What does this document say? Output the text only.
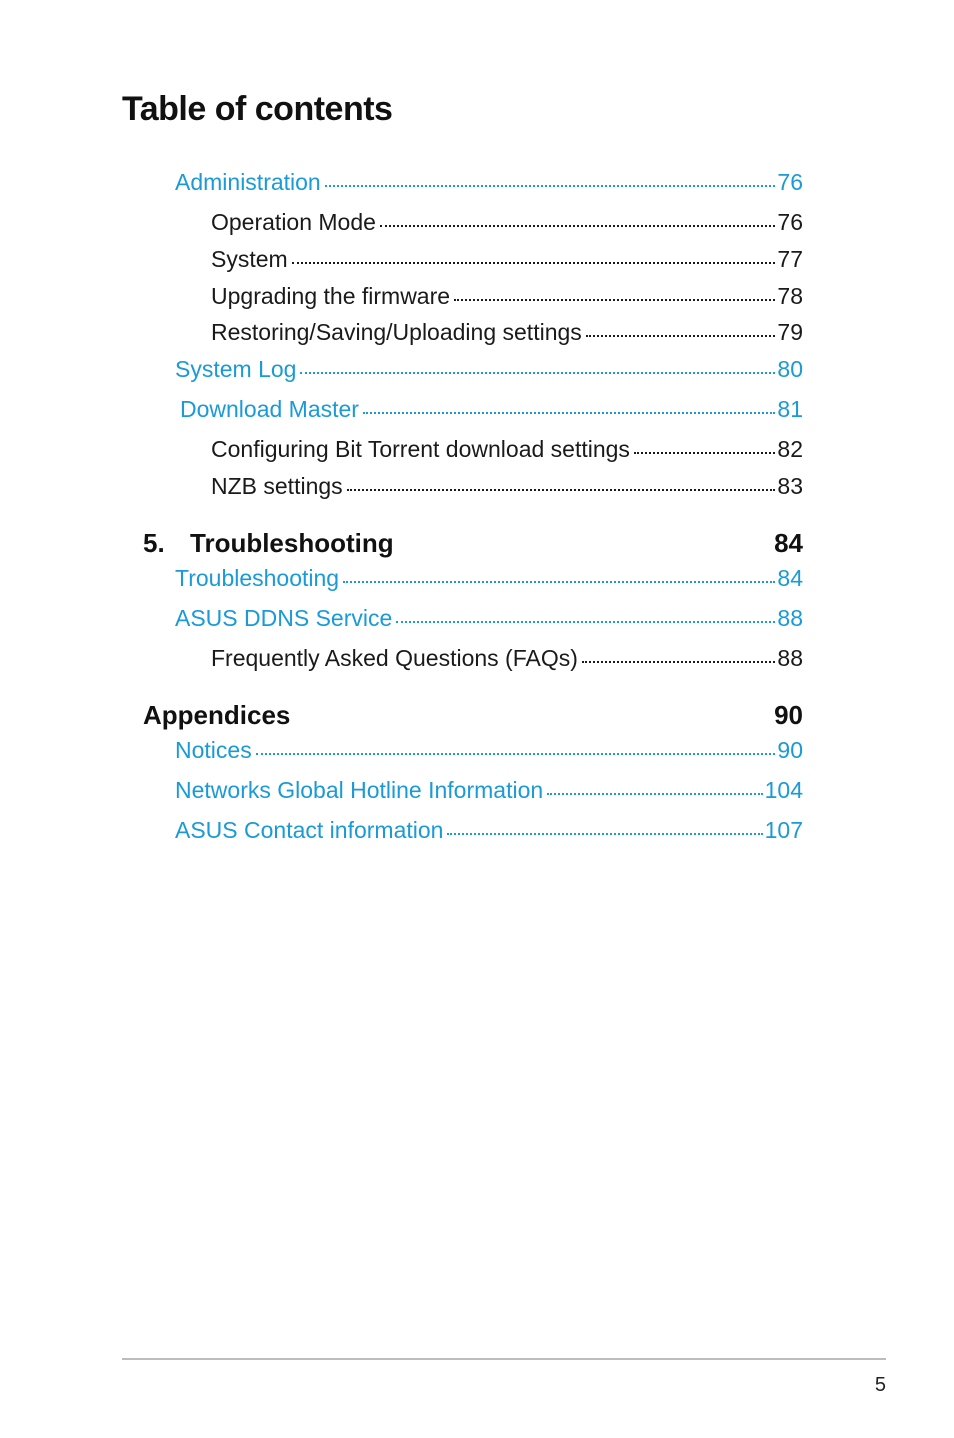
Table of contents
Administration	76
Operation Mode	76
System	77
Upgrading the firmware	78
Restoring/Saving/Uploading settings	79
System Log	80
Download Master	81
Configuring Bit Torrent download settings	82
NZB settings	83
5. Troubleshooting	84
Troubleshooting	84
ASUS DDNS Service	88
Frequently Asked Questions (FAQs)	88
Appendices	90
Notices	90
Networks Global Hotline Information	104
ASUS Contact information	107
5
